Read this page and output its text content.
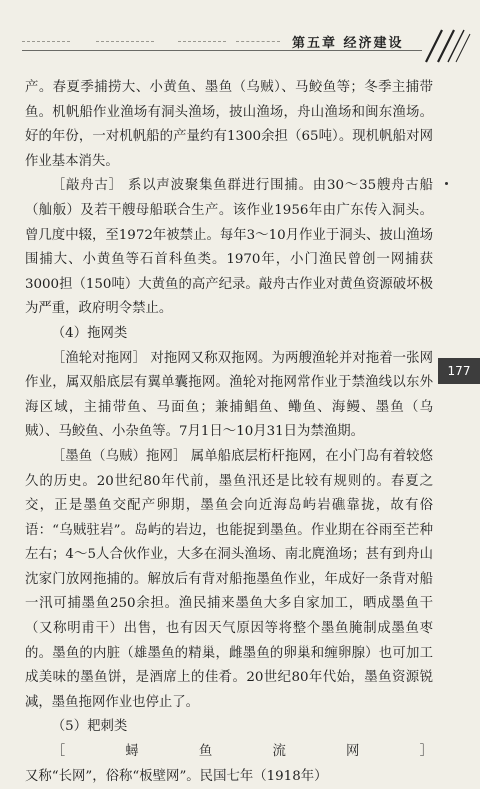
第五章 经济建设

产。春夏季捕捞大、小黄鱼、墨鱼（乌贼）、马鲛鱼等；冬季主捕带鱼。机帆船作业渔场有洞头渔场，披山渔场，舟山渔场和闽东渔场。好的年份，一对机帆船的产量约有1300余担（65吨）。现机帆船对网作业基本消失。

［敲舟古］ 系以声波聚集鱼群进行围捕。由30～35艘舟古船（舢舨）及若干艘母船联合生产。该作业1956年由广东传入洞头。曾几度中辍，至1972年被禁止。每年3～10月作业于洞头、披山渔场围捕大、小黄鱼等石首科鱼类。1970年，小门渔民曾创一网捕获3000担（150吨）大黄鱼的高产纪录。敲舟古作业对黄鱼资源破坏极为严重，政府明令禁止。

（4）拖网类

［渔轮对拖网］ 对拖网又称双拖网。为两艘渔轮并对拖着一张网作业，属双船底层有翼单囊拖网。渔轮对拖网常作业于禁渔线以东外海区域，主捕带鱼、马面鱼；兼捕鲳鱼、鳓鱼、海鳗、墨鱼（乌贼）、马鲛鱼、小杂鱼等。7月1日～10月31日为禁渔期。

［墨鱼（乌贼）拖网］ 属单船底层桁杆拖网，在小门岛有着较悠久的历史。20世纪80年代前，墨鱼汛还是比较有规则的。春夏之交，正是墨鱼交配产卵期，墨鱼会向近海岛屿岩礁靠拢，故有俗语：“乌贼驻岩”。岛屿的岩边，也能捉到墨鱼。作业期在谷雨至芒种左右；4～5人合伙作业，大多在洞头渔场、南北麂渔场；甚有到舟山沈家门放网拖捕的。解放后有背对船拖墨鱼作业，年成好一条背对船一汛可捕墨鱼250余担。渔民捕来墨鱼大多自家加工，晒成墨鱼干（又称明甫干）出售，也有因天气原因等将整个墨鱼腌制成墨鱼枣的。墨鱼的内脏（雄墨鱼的精巢，雌墨鱼的卵巢和缠卵腺）也可加工成美味的墨鱼饼，是酒席上的佳肴。20世纪80年代始，墨鱼资源锐减，墨鱼拖网作业也停止了。

（5）耙刺类

［蟳鱼流网］ 又称“长网”，俗称“板壁网”。民国七年（1918年）

177
